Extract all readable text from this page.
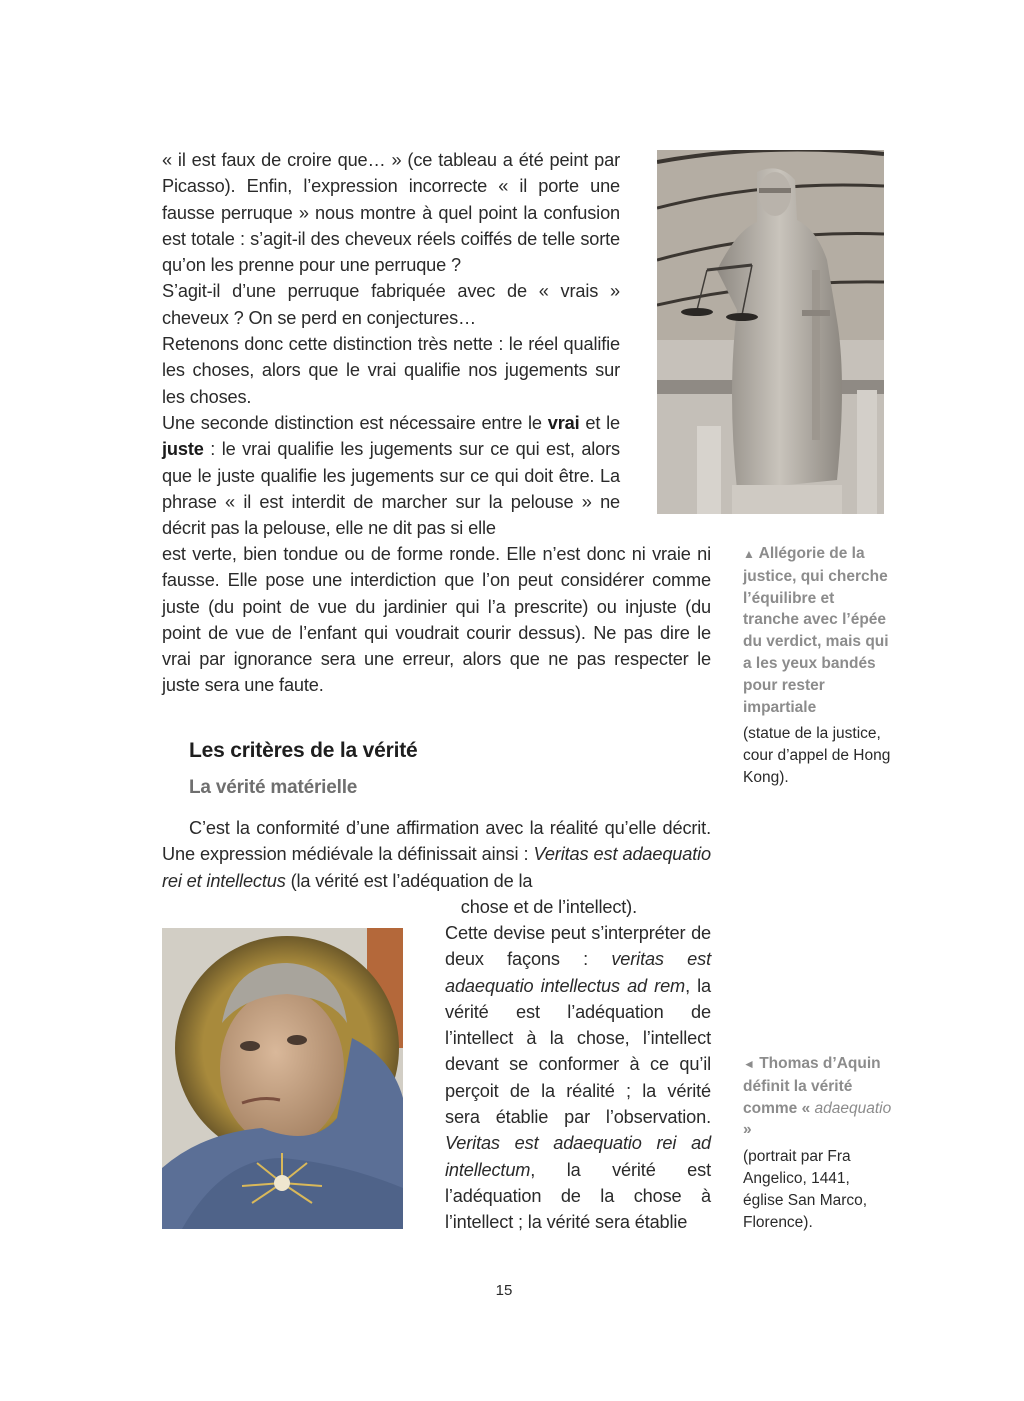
« il est faux de croire que… » (ce tableau a été peint par Picasso). Enfin, l’expression incorrecte « il porte une fausse perruque » nous montre à quel point la confusion est totale : s’agit-il des cheveux réels coiffés de telle sorte qu’on les prenne pour une perruque ?

S’agit-il d’une perruque fabriquée avec de « vrais » cheveux ? On se perd en conjectures…

Retenons donc cette distinction très nette : le réel qualifie les choses, alors que le vrai qualifie nos jugements sur les choses.

Une seconde distinction est nécessaire entre le vrai et le juste : le vrai qualifie les jugements sur ce qui est, alors que le juste qualifie les jugements sur ce qui doit être. La phrase « il est interdit de marcher sur la pelouse » ne décrit pas la pelouse, elle ne dit pas si elle

est verte, bien tondue ou de forme ronde. Elle n’est donc ni vraie ni fausse. Elle pose une interdiction que l’on peut considérer comme juste (du point de vue du jardinier qui l’a prescrite) ou injuste (du point de vue de l’enfant qui voudrait courir dessus). Ne pas dire le vrai par ignorance sera une erreur, alors que ne pas respecter le juste sera une faute.

▲ Allégorie de la justice, qui cherche l’équilibre et tranche avec l’épée du verdict, mais qui a les yeux bandés pour rester impartiale
(statue de la justice, cour d’appel de Hong Kong).
Les critères de la vérité
La vérité matérielle

C’est la conformité d’une affirmation avec la réalité qu’elle décrit. Une expression médiévale la définissait ainsi : Veritas est adaequatio rei et intellectus (la vérité est l’adéquation de la

chose et de l’intellect).

Cette devise peut s’interpréter de deux façons : veritas est adaequatio intellectus ad rem, la vérité est l’adéquation de l’intellect à la chose, l’intellect devant se conformer à ce qu’il perçoit de la réalité ; la vérité sera établie par l’observation. Veritas est adaequatio rei ad intellectum, la vérité est l’adéquation de la chose à l’intellect ; la vérité sera établie

◄ Thomas d’Aquin définit la vérité comme « adaequatio »
(portrait par Fra Angelico, 1441, église San Marco, Florence).
15
